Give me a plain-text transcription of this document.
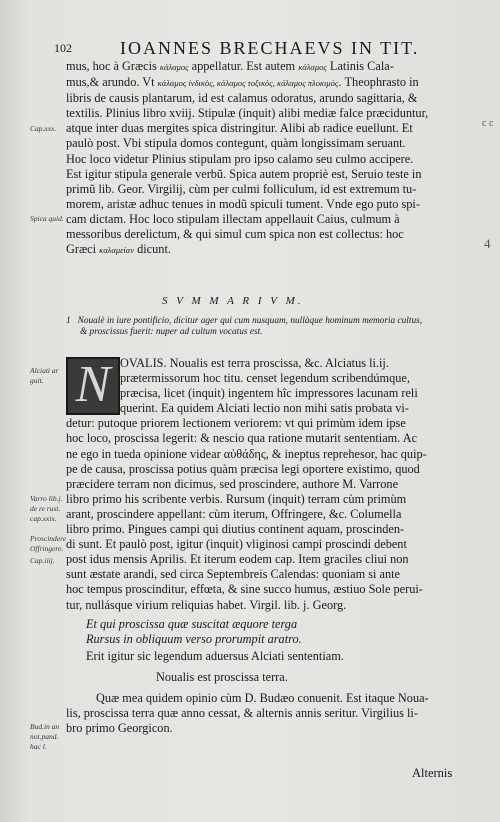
102	IOANNES BRECHAEVS IN TIT.
mus, hoc à Græcis κάλαμος appellatur. Est autem κάλαμος Latinis Cala-
mus,& arundo. Vt κάλαμος ἰνδικὸς, κάλαμος τοξικὸς, κάλαμος πλοκιμὸς. Theophrasto in
libris de causis plantarum, id est calamus odoratus, arundo sagittaria, &
textilis. Plinius libro xviij. Stipulæ (inquit) alibi mediæ falce præciduntur,
atque inter duas mergites spica distringitur. Alibi ab radice euellunt. Et
paulò post. Vbi stipula domos contegunt, quàm longissimam seruant.
Hoc loco videtur Plinius stipulam pro ipso calamo seu culmo accipere.
Est igitur stipula generale verbũ. Spica autem propriè est, Seruio teste in
primũ lib. Geor. Virgilij, cùm per culmi folliculum, id est extremum tu-
morem, aristæ adhuc tenues in modũ spiculi tument. Vnde ego puto spi-
cam dictam. Hoc loco stipulam illectam appellauit Caius, culmum à
messoribus derelictum, & qui simul cum spica non est collectus: hoc
Græci καλαμείαν dicunt.
Cap.xxx.
Spica quid.
c c
4
S V M M A R I V M.
1 Noualè in iure pontificio, dicitur ager qui cum nusquam, nullàque hominum memoria cultus,
& proscissus fuerit: nuper ad cultum vocatus est.
N
Alciati ar guit.
Varro lib.j. de re rust. cap.xxix.
Proscindere Offringere.
Cap.iiij.
Bud.in an not.pand. hac l.
OVALIS. Noualis est terra proscissa, &c. Alciatus li.ij.
prætermissorum hoc titu. censet legendum scribendúmque,
præcisa, licet (inquit) ingentem hîc impressores lacunam reli
querint. Ea quidem Alciati lectio non mihi satis probata vi-
detur: putoque priorem lectionem veriorem: vt qui primùm idem ipse
hoc loco, proscissa legerit: & nescio qua ratione mutarit sententiam. Ac
ne ego in tueda opinione videar αὐθάδης, & ineptus reprehesor, hac quip-
pe de causa, proscissa potius quàm præcisa legi oportere existimo, quod
præcidere terram non dicimus, sed proscindere, authore M. Varrone
libro primo his scribente verbis. Rursum (inquit) terram cùm primùm
arant, proscindere appellant: cùm iterum, Offringere, &c. Columella
libro primo. Pingues campi qui diutius continent aquam, proscinden-
di sunt. Et paulò post, igitur (inquit) vliginosi campi proscindi debent
post idus mensis Aprilis. Et iterum eodem cap. Item graciles cliui non
sunt æstate arandi, sed circa Septembreis Calendas: quoniam si ante
hoc tempus proscinditur, effœta, & sine succo humus, æstiuo Sole perui-
tur, nullásque virium reliquias habet. Virgil. lib. j. Georg.
Et qui proscissa quæ suscitat æquore terga
Rursus in obliquum verso prorumpit aratro.
Erit igitur sic legendum aduersus Alciati sententiam.
Noualis est proscissa terra.
Quæ mea quidem opinio cùm D. Budæo conuenit. Est itaque Noua-
lis, proscissa terra quæ anno cessat, & alternis annis seritur. Virgilius li-
bro primo Georgicon.
Alternis
